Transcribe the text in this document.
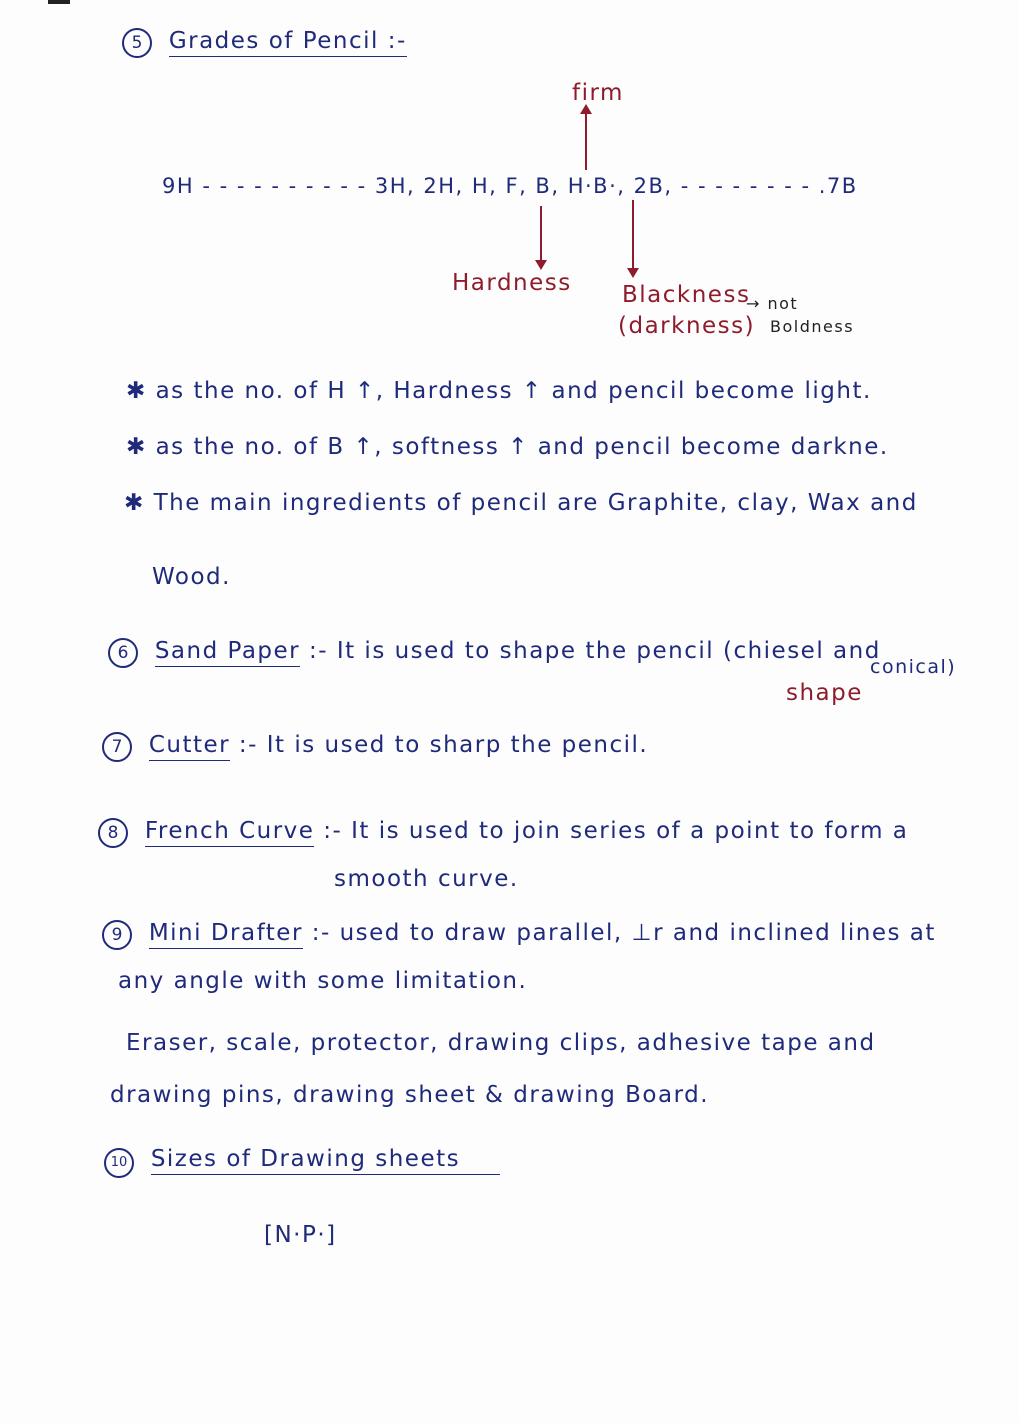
5 Grades of Pencil :-
firm
9H - - - - - - - - - - 3H, 2H, H, F, B, H·B·, 2B, - - - - - - - - .7B
Hardness Blackness
(darkness)
→ not
Boldness
✱ as the no. of H ↑, Hardness ↑ and pencil become light.
✱ as the no. of B ↑, softness ↑ and pencil become darkne.
✱ The main ingredients of pencil are Graphite, clay, Wax and
Wood.
6 Sand Paper :- It is used to shape the pencil (chiesel and
conical)
shape
7 Cutter :- It is used to sharp the pencil.
8 French Curve :- It is used to join series of a point to form a
smooth curve.
9 Mini Drafter :- used to draw parallel, ⊥r and inclined lines at
any angle with some limitation.
Eraser, scale, protector, drawing clips, adhesive tape and
drawing pins, drawing sheet & drawing Board.
10 Sizes of Drawing sheets
[N·P·]
